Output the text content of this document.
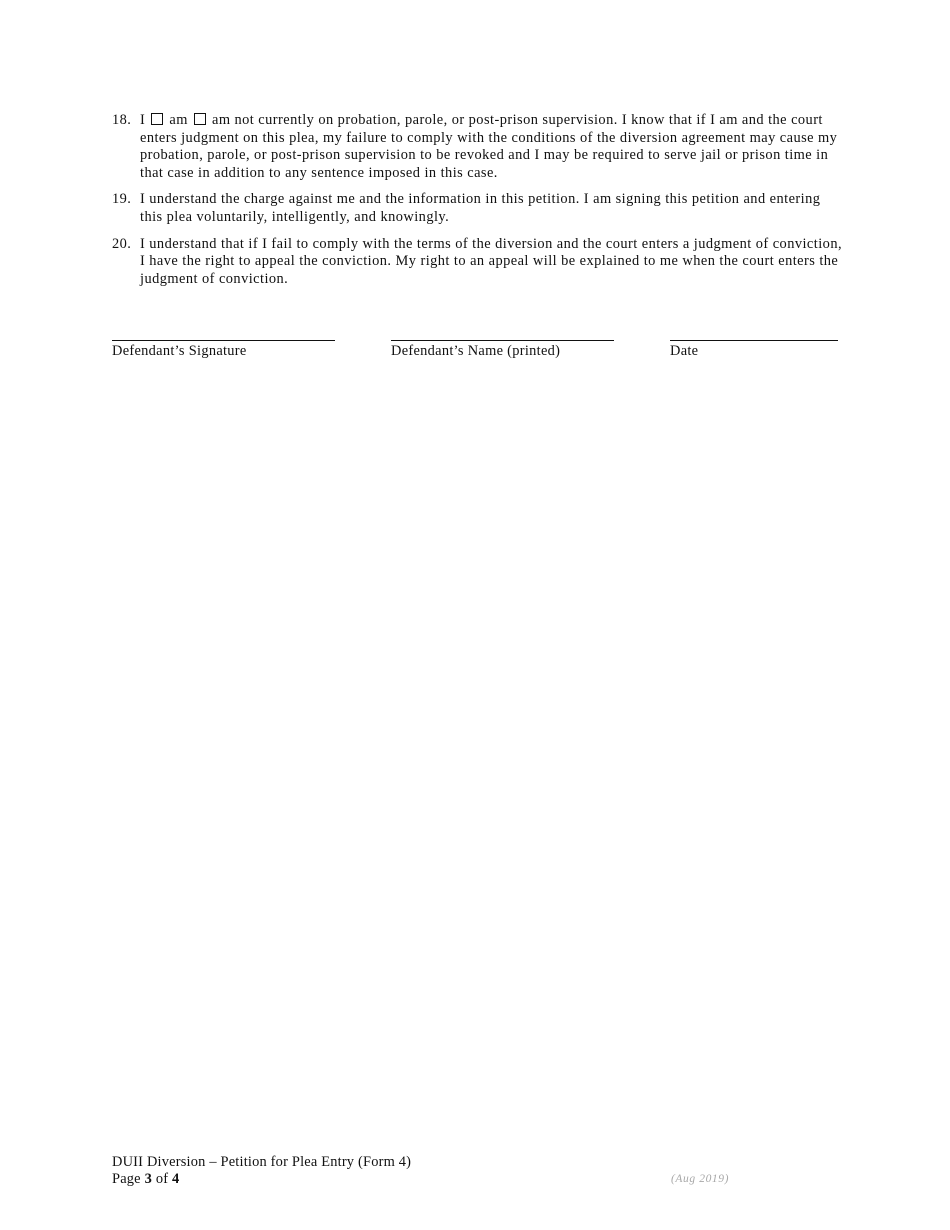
18. I am am not currently on probation, parole, or post-prison supervision. I know that if I am and the court enters judgment on this plea, my failure to comply with the conditions of the diversion agreement may cause my probation, parole, or post-prison supervision to be revoked and I may be required to serve jail or prison time in that case in addition to any sentence imposed in this case.
19. I understand the charge against me and the information in this petition. I am signing this petition and entering this plea voluntarily, intelligently, and knowingly.
20. I understand that if I fail to comply with the terms of the diversion and the court enters a judgment of conviction, I have the right to appeal the conviction. My right to an appeal will be explained to me when the court enters the judgment of conviction.
Defendant’s Signature	Defendant’s Name (printed)	Date
DUII Diversion – Petition for Plea Entry (Form 4)
Page 3 of 4	(Aug 2019)
